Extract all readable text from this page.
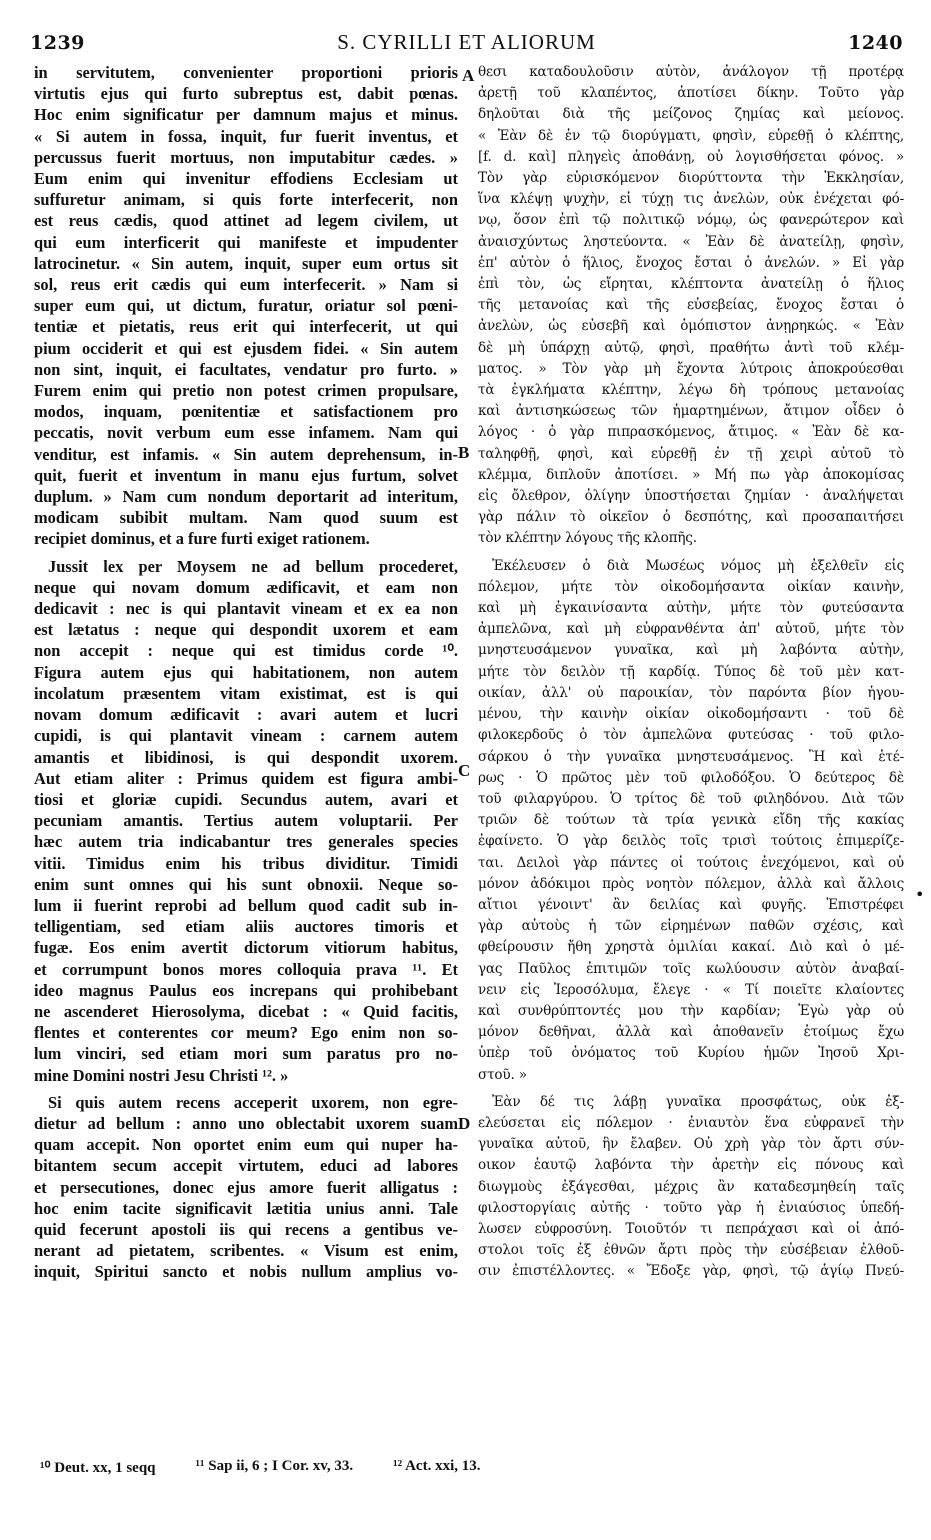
1239	S. CYRILLI ET ALIORUM	1240
in servitutem, convenienter proportioni prioris
virtutis ejus qui furto subreptus est, dabit pœnas.
Hoc enim significatur per damnum majus et minus.
« Si autem in fossa, inquit, fur fuerit inventus, et
percussus fuerit mortuus, non imputabitur cædes. »
Eum enim qui invenitur effodiens Ecclesiam ut
suffuretur animam, si quis forte interfecerit, non
est reus cædis, quod attinet ad legem civilem, ut
qui eum interficerit qui manifeste et impudenter
latrocinetur. « Sin autem, inquit, super eum ortus sit
sol, reus erit cædis qui eum interfecerit. » Nam si
super eum qui, ut dictum, furatur, oriatur sol pœni-
tentiæ et pietatis, reus erit qui interfecerit, ut qui
pium occiderit et qui est ejusdem fidei. « Sin autem
non sint, inquit, ei facultates, vendatur pro furto. »
Furem enim qui pretio non potest crimen propulsare,
modos, inquam, pœnitentiæ et satisfactionem pro
peccatis, novit verbum eum esse infamem. Nam qui
venditur, est infamis. « Sin autem deprehensum, in-
quit, fuerit et inventum in manu ejus furtum, solvet
duplum. » Nam cum nondum deportarit ad interitum,
modicam subibit multam. Nam quod suum est
recipiet dominus, et a fure furti exiget rationem.
Jussit lex per Moysem ne ad bellum procederet,
neque qui novam domum ædificavit, et eam non
dedicavit : nec is qui plantavit vineam et ex ea non
est lætatus : neque qui despondit uxorem et eam
non accepit : neque qui est timidus corde ¹⁰.
Figura autem ejus qui habitationem, non autem
incolatum præsentem vitam existimat, est is qui
novam domum ædificavit : avari autem et lucri
cupidi, is qui plantavit vineam : carnem autem
amantis et libidinosi, is qui despondit uxorem.
Aut etiam aliter : Primus quidem est figura ambi-
tiosi et gloriæ cupidi. Secundus autem, avari et
pecuniam amantis. Tertius autem voluptarii. Per
hæc autem tria indicabantur tres generales species
vitii. Timidus enim his tribus dividitur. Timidi
enim sunt omnes qui his sunt obnoxii. Neque so-
lum ii fuerint reprobi ad bellum quod cadit sub in-
telligentiam, sed etiam aliis auctores timoris et
fugæ. Eos enim avertit dictorum vitiorum habitus,
et corrumpunt bonos mores colloquia prava ¹¹. Et
ideo magnus Paulus eos increpans qui prohibebant
ne ascenderet Hierosolyma, dicebat : « Quid facitis,
flentes et conterentes cor meum? Ego enim non so-
lum vinciri, sed etiam mori sum paratus pro no-
mine Domini nostri Jesu Christi ¹². »
Si quis autem recens acceperit uxorem, non egre-
dietur ad bellum : anno uno oblectabit uxorem suam
quam accepit. Non oportet enim eum qui nuper ha-
bitantem secum accepit virtutem, educi ad labores
et persecutiones, donec ejus amore fuerit alligatus :
hoc enim tacite significavit lætitia unius anni. Tale
quid fecerunt apostoli iis qui recens a gentibus ve-
nerant ad pietatem, scribentes. « Visum est enim,
inquit, Spiritui sancto et nobis nullum amplius vo-
θεσι καταδουλοῦσιν αὐτὸν, ἀνάλογον τῇ προτέρᾳ
ἀρετῇ τοῦ κλαπέντος, ἀποτίσει δίκην. Τοῦτο γὰρ
δηλοῦται διὰ τῆς μείζονος ζημίας καὶ μείονος.
« Ἐὰν δὲ ἐν τῷ διορύγματι, φησὶν, εὑρεθῇ ὁ κλέπτης,
[f. d. καὶ] πληγεὶς ἀποθάνῃ, οὐ λογισθήσεται φόνος. »
Τὸν γὰρ εὑρισκόμενον διορύττοντα τὴν Ἐκκλησίαν,
ἵνα κλέψῃ ψυχὴν, εἰ τύχῃ τις ἀνελὼν, οὐκ ἐνέχεται φό-
νῳ, ὅσον ἐπὶ τῷ πολιτικῷ νόμῳ, ὡς φανερώτερον καὶ
ἀναισχύντως ληστεύοντα. « Ἐὰν δὲ ἀνατείλῃ, φησὶν,
ἐπ' αὐτὸν ὁ ἥλιος, ἔνοχος ἔσται ὁ ἀνελών. » Εἰ γὰρ
ἐπὶ τὸν, ὡς εἴρηται, κλέπτοντα ἀνατείλῃ ὁ ἥλιος
τῆς μετανοίας καὶ τῆς εὐσεβείας, ἔνοχος ἔσται ὁ
ἀνελὼν, ὡς εὐσεβῆ καὶ ὁμόπιστον ἀνῃρηκώς. « Ἐὰν
δὲ μὴ ὑπάρχῃ αὐτῷ, φησὶ, πραθήτω ἀντὶ τοῦ κλέμ-
ματος. » Τὸν γὰρ μὴ ἔχοντα λύτροις ἀποκρούεσθαι
τὰ ἐγκλήματα κλέπτην, λέγω δὴ τρόπους μετανοίας
καὶ ἀντισηκώσεως τῶν ἡμαρτημένων, ἄτιμον οἶδεν ὁ
λόγος · ὁ γὰρ πιπρασκόμενος, ἄτιμος. « Ἐὰν δὲ κα-
ταληφθῇ, φησὶ, καὶ εὑρεθῇ ἐν τῇ χειρὶ αὐτοῦ τὸ
κλέμμα, διπλοῦν ἀποτίσει. » Μή πω γὰρ ἀποκομίσας
εἰς ὄλεθρον, ὀλίγην ὑποστήσεται ζημίαν · ἀναλήψεται
γὰρ πάλιν τὸ οἰκεῖον ὁ δεσπότης, καὶ προσαπαιτήσει
τὸν κλέπτην λόγους τῆς κλοπῆς.
Ἐκέλευσεν ὁ διὰ Μωσέως νόμος μὴ ἐξελθεῖν εἰς
πόλεμον, μήτε τὸν οἰκοδομήσαντα οἰκίαν καινὴν,
καὶ μὴ ἐγκαινίσαντα αὐτὴν, μήτε τὸν φυτεύσαντα
ἀμπελῶνα, καὶ μὴ εὐφρανθέντα ἀπ' αὐτοῦ, μήτε τὸν
μνηστευσάμενον γυναῖκα, καὶ μὴ λαβόντα αὐτὴν,
μήτε τὸν δειλὸν τῇ καρδίᾳ. Τύπος δὲ τοῦ μὲν κατ-
οικίαν, ἀλλ' οὐ παροικίαν, τὸν παρόντα βίον ἡγου-
μένου, τὴν καινὴν οἰκίαν οἰκοδομήσαντι · τοῦ δὲ
φιλοκερδοῦς ὁ τὸν ἀμπελῶνα φυτεύσας · τοῦ φιλο-
σάρκου ὁ τὴν γυναῖκα μνηστευσάμενος. Ἢ καὶ ἑτέ-
ρως · Ὁ πρῶτος μὲν τοῦ φιλοδόξου. Ὁ δεύτερος δὲ
τοῦ φιλαργύρου. Ὁ τρίτος δὲ τοῦ φιληδόνου. Διὰ τῶν
τριῶν δὲ τούτων τὰ τρία γενικὰ εἴδη τῆς κακίας
ἐφαίνετο. Ὁ γὰρ δειλὸς τοῖς τρισὶ τούτοις ἐπιμερίζε-
ται. Δειλοὶ γὰρ πάντες οἱ τούτοις ἐνεχόμενοι, καὶ οὐ
μόνον ἀδόκιμοι πρὸς νοητὸν πόλεμον, ἀλλὰ καὶ ἄλλοις
αἴτιοι γένοιντ' ἂν δειλίας καὶ φυγῆς. Ἐπιστρέφει
γὰρ αὐτοὺς ἡ τῶν εἰρημένων παθῶν σχέσις, καὶ
φθείρουσιν ἤθη χρηστὰ ὁμιλίαι κακαί. Διὸ καὶ ὁ μέ-
γας Παῦλος ἐπιτιμῶν τοῖς κωλύουσιν αὐτὸν ἀναβαί-
νειν εἰς Ἱεροσόλυμα, ἔλεγε · « Τί ποιεῖτε κλαίοντες
καὶ συνθρύπτοντές μου τὴν καρδίαν; Ἐγὼ γὰρ οὐ
μόνον δεθῆναι, ἀλλὰ καὶ ἀποθανεῖν ἑτοίμως ἔχω
ὑπὲρ τοῦ ὀνόματος τοῦ Κυρίου ἡμῶν Ἰησοῦ Χρι-
στοῦ. »
Ἐὰν δέ τις λάβῃ γυναῖκα προσφάτως, οὐκ ἐξ-
ελεύσεται εἰς πόλεμον · ἐνιαυτὸν ἕνα εὐφρανεῖ τὴν
γυναῖκα αὐτοῦ, ἣν ἔλαβεν. Οὐ χρὴ γὰρ τὸν ἄρτι σύν-
οικον ἑαυτῷ λαβόντα τὴν ἀρετὴν εἰς πόνους καὶ
διωγμοὺς ἐξάγεσθαι, μέχρις ἂν καταδεσμηθείη ταῖς
φιλοστοργίαις αὐτῆς · τοῦτο γὰρ ἡ ἐνιαύσιος ὑπεδή-
λωσεν εὐφροσύνη. Τοιοῦτόν τι πεπράχασι καὶ οἱ ἀπό-
στολοι τοῖς ἐξ ἐθνῶν ἄρτι πρὸς τὴν εὐσέβειαν ἐλθοῦ-
σιν ἐπιστέλλοντες. « Ἔδοξε γὰρ, φησὶ, τῷ ἁγίῳ Πνεύ-
A
B
C
D
•
¹⁰ Deut. xx, 1 seqq	¹¹ Sap ii, 6 ; I Cor. xv, 33.	¹² Act. xxi, 13.
